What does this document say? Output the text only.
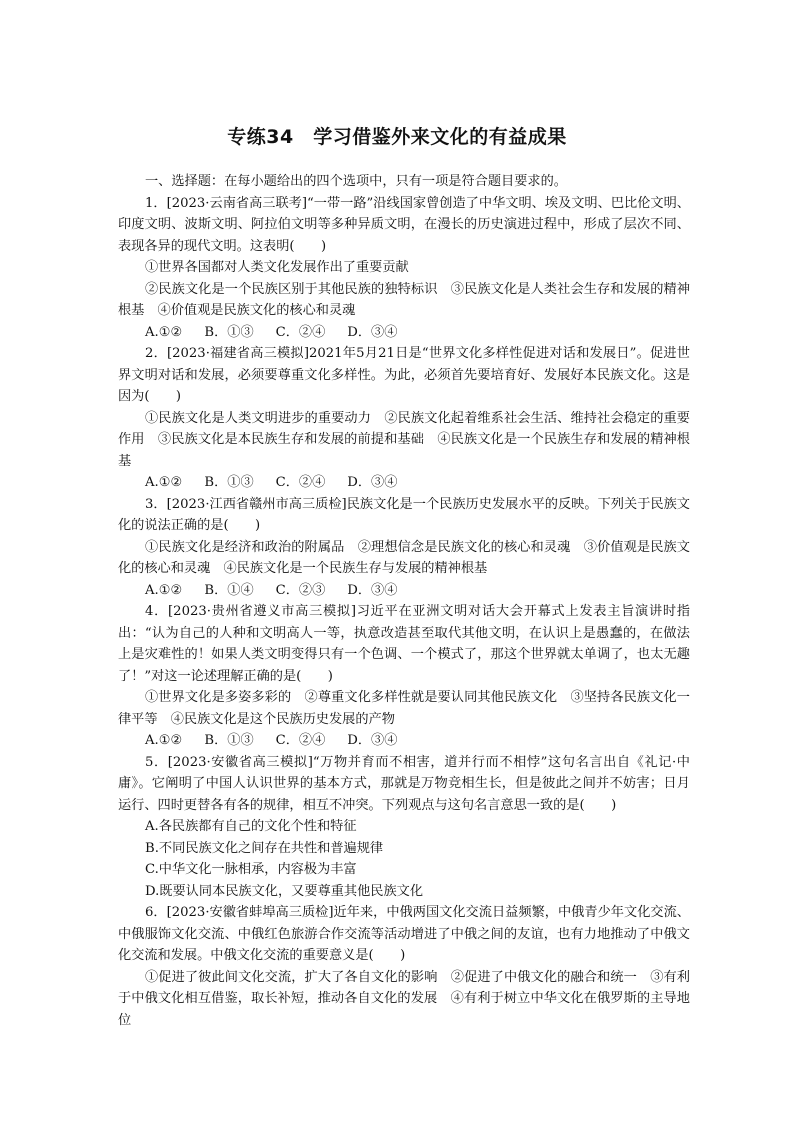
专练34　学习借鉴外来文化的有益成果

一、选择题：在每小题给出的四个选项中，只有一项是符合题目要求的。

1．[2023·云南省高三联考]“一带一路”沿线国家曾创造了中华文明、埃及文明、巴比伦文明、印度文明、波斯文明、阿拉伯文明等多种异质文明，在漫长的历史演进过程中，形成了层次不同、表现各异的现代文明。这表明(　　)

①世界各国都对人类文化发展作出了重要贡献

②民族文化是一个民族区别于其他民族的独特标识　③民族文化是人类社会生存和发展的精神根基　④价值观是民族文化的核心和灵魂

A.①② B．①③ C．②④ D．③④

2．[2023·福建省高三模拟]2021年5月21日是“世界文化多样性促进对话和发展日”。促进世界文明对话和发展，必须要尊重文化多样性。为此，必须首先要培育好、发展好本民族文化。这是因为(　　)

①民族文化是人类文明进步的重要动力　②民族文化起着维系社会生活、维持社会稳定的重要作用　③民族文化是本民族生存和发展的前提和基础　④民族文化是一个民族生存和发展的精神根基

A.①② B．①③ C．②④ D．③④

3．[2023·江西省赣州市高三质检]民族文化是一个民族历史发展水平的反映。下列关于民族文化的说法正确的是(　　)

①民族文化是经济和政治的附属品　②理想信念是民族文化的核心和灵魂　③价值观是民族文化的核心和灵魂　④民族文化是一个民族生存与发展的精神根基

A.①② B．①④ C．②③ D．③④

4．[2023·贵州省遵义市高三模拟]习近平在亚洲文明对话大会开幕式上发表主旨演讲时指出：“认为自己的人种和文明高人一等，执意改造甚至取代其他文明，在认识上是愚蠢的，在做法上是灾难性的！如果人类文明变得只有一个色调、一个模式了，那这个世界就太单调了，也太无趣了！”对这一论述理解正确的是(　　)

①世界文化是多姿多彩的　②尊重文化多样性就是要认同其他民族文化　③坚持各民族文化一律平等　④民族文化是这个民族历史发展的产物

A.①② B．①③ C．②④ D．③④

5．[2023·安徽省高三模拟]“万物并育而不相害，道并行而不相悖”这句名言出自《礼记·中庸》。它阐明了中国人认识世界的基本方式，那就是万物竞相生长，但是彼此之间并不妨害；日月运行、四时更替各有各的规律，相互不冲突。下列观点与这句名言意思一致的是(　　)

A.各民族都有自己的文化个性和特征

B.不同民族文化之间存在共性和普遍规律

C.中华文化一脉相承，内容极为丰富

D.既要认同本民族文化，又要尊重其他民族文化

6．[2023·安徽省蚌埠高三质检]近年来，中俄两国文化交流日益频繁，中俄青少年文化交流、中俄服饰文化交流、中俄红色旅游合作交流等活动增进了中俄之间的友谊，也有力地推动了中俄文化交流和发展。中俄文化交流的重要意义是(　　)

①促进了彼此间文化交流，扩大了各自文化的影响　②促进了中俄文化的融合和统一　③有利于中俄文化相互借鉴，取长补短，推动各自文化的发展　④有利于树立中华文化在俄罗斯的主导地位
